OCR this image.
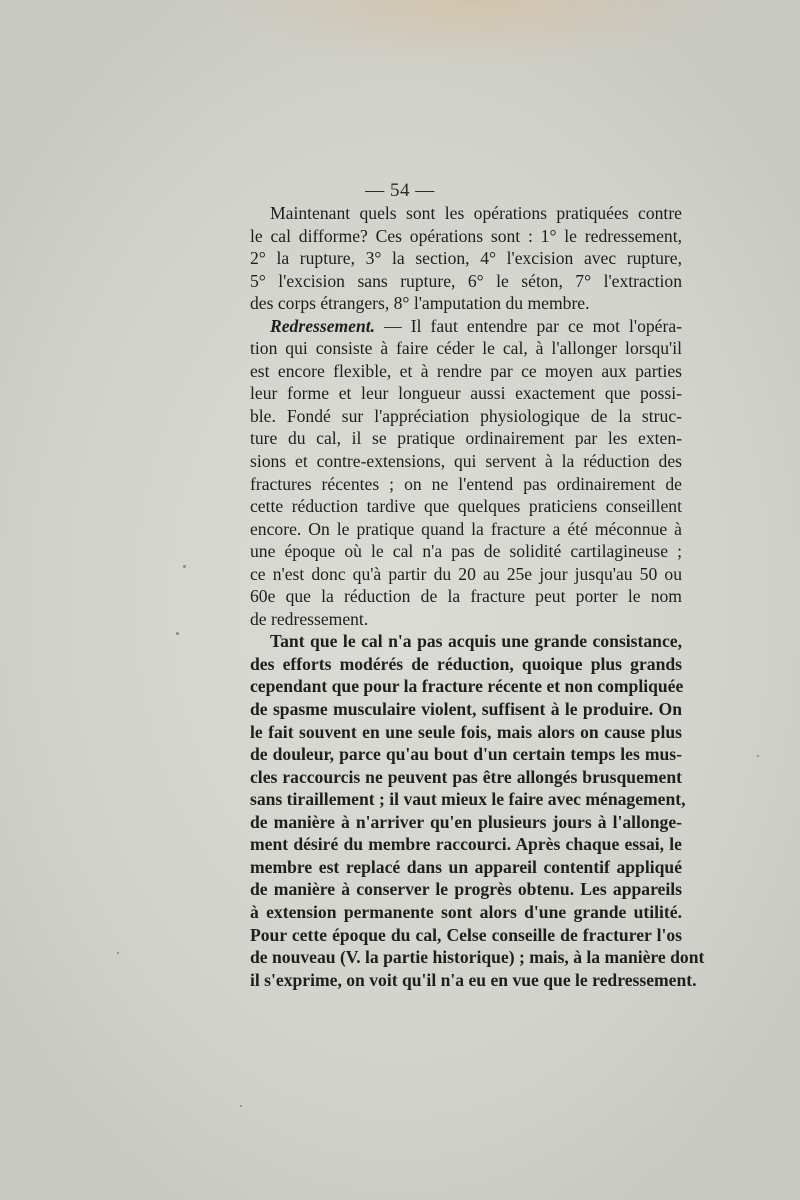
— 54 —
Maintenant quels sont les opérations pratiquées contre
le cal difforme? Ces opérations sont : 1° le redressement,
2° la rupture, 3° la section, 4° l'excision avec rupture,
5° l'excision sans rupture, 6° le séton, 7° l'extraction
des corps étrangers, 8° l'amputation du membre.
Redressement. — Il faut entendre par ce mot l'opéra-
tion qui consiste à faire céder le cal, à l'allonger lorsqu'il
est encore flexible, et à rendre par ce moyen aux parties
leur forme et leur longueur aussi exactement que possi-
ble. Fondé sur l'appréciation physiologique de la struc-
ture du cal, il se pratique ordinairement par les exten-
sions et contre-extensions, qui servent à la réduction des
fractures récentes ; on ne l'entend pas ordinairement de
cette réduction tardive que quelques praticiens conseillent
encore. On le pratique quand la fracture a été méconnue à
une époque où le cal n'a pas de solidité cartilagineuse ;
ce n'est donc qu'à partir du 20 au 25e jour jusqu'au 50 ou
60e que la réduction de la fracture peut porter le nom
de redressement.
Tant que le cal n'a pas acquis une grande consistance,
des efforts modérés de réduction, quoique plus grands
cependant que pour la fracture récente et non compliquée
de spasme musculaire violent, suffisent à le produire. On
le fait souvent en une seule fois, mais alors on cause plus
de douleur, parce qu'au bout d'un certain temps les mus-
cles raccourcis ne peuvent pas être allongés brusquement
sans tiraillement ; il vaut mieux le faire avec ménagement,
de manière à n'arriver qu'en plusieurs jours à l'allonge-
ment désiré du membre raccourci. Après chaque essai, le
membre est replacé dans un appareil contentif appliqué
de manière à conserver le progrès obtenu. Les appareils
à extension permanente sont alors d'une grande utilité.
Pour cette époque du cal, Celse conseille de fracturer l'os
de nouveau (V. la partie historique) ; mais, à la manière dont
il s'exprime, on voit qu'il n'a eu en vue que le redressement.
